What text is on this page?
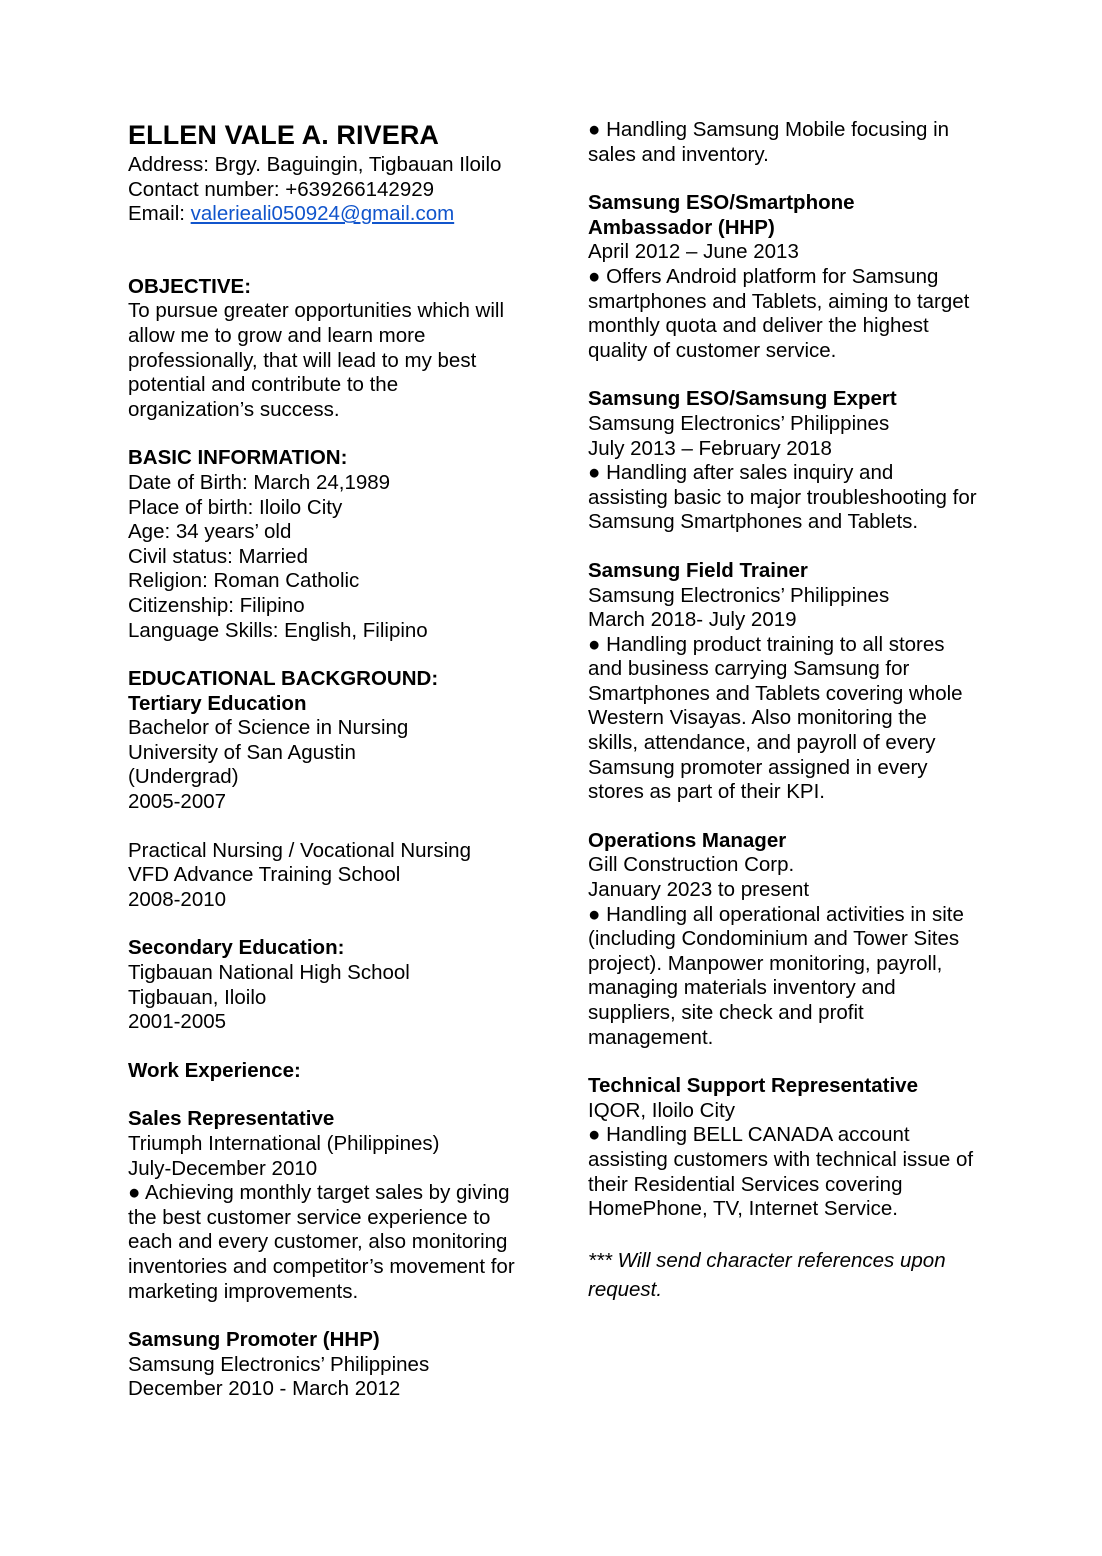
ELLEN VALE A. RIVERA
Address: Brgy. Baguingin, Tigbauan Iloilo
Contact number: +639266142929
Email: valerieali050924@gmail.com
OBJECTIVE:
To pursue greater opportunities which will allow me to grow and learn more professionally, that will lead to my best potential and contribute to the organization’s success.
BASIC INFORMATION:
Date of Birth: March 24,1989
Place of birth: Iloilo City
Age: 34 years’ old
Civil status: Married
Religion: Roman Catholic
Citizenship: Filipino
Language Skills: English, Filipino
EDUCATIONAL BACKGROUND:
Tertiary Education
Bachelor of Science in Nursing
University of San Agustin
(Undergrad)
2005-2007
Practical Nursing / Vocational Nursing
VFD Advance Training School
2008-2010
Secondary Education:
Tigbauan National High School
Tigbauan, Iloilo
2001-2005
Work Experience:
Sales Representative
Triumph International (Philippines)
July-December 2010
● Achieving monthly target sales by giving the best customer service experience to each and every customer, also monitoring inventories and competitor’s movement for marketing improvements.
Samsung Promoter (HHP)
Samsung Electronics’ Philippines
December 2010 - March 2012
● Handling Samsung Mobile focusing in sales and inventory.
Samsung ESO/Smartphone Ambassador (HHP)
April 2012 – June 2013
● Offers Android platform for Samsung smartphones and Tablets, aiming to target monthly quota and deliver the highest quality of customer service.
Samsung ESO/Samsung Expert
Samsung Electronics’ Philippines
July 2013 – February 2018
● Handling after sales inquiry and assisting basic to major troubleshooting for Samsung Smartphones and Tablets.
Samsung Field Trainer
Samsung Electronics’ Philippines
March 2018- July 2019
● Handling product training to all stores and business carrying Samsung for Smartphones and Tablets covering whole Western Visayas. Also monitoring the skills, attendance, and payroll of every Samsung promoter assigned in every stores as part of their KPI.
Operations Manager
Gill Construction Corp.
January 2023 to present
● Handling all operational activities in site (including Condominium and Tower Sites project). Manpower monitoring, payroll, managing materials inventory and suppliers, site check and profit management.
Technical Support Representative
IQOR, Iloilo City
● Handling BELL CANADA account assisting customers with technical issue of their Residential Services covering HomePhone, TV, Internet Service.
*** Will send character references upon request.
